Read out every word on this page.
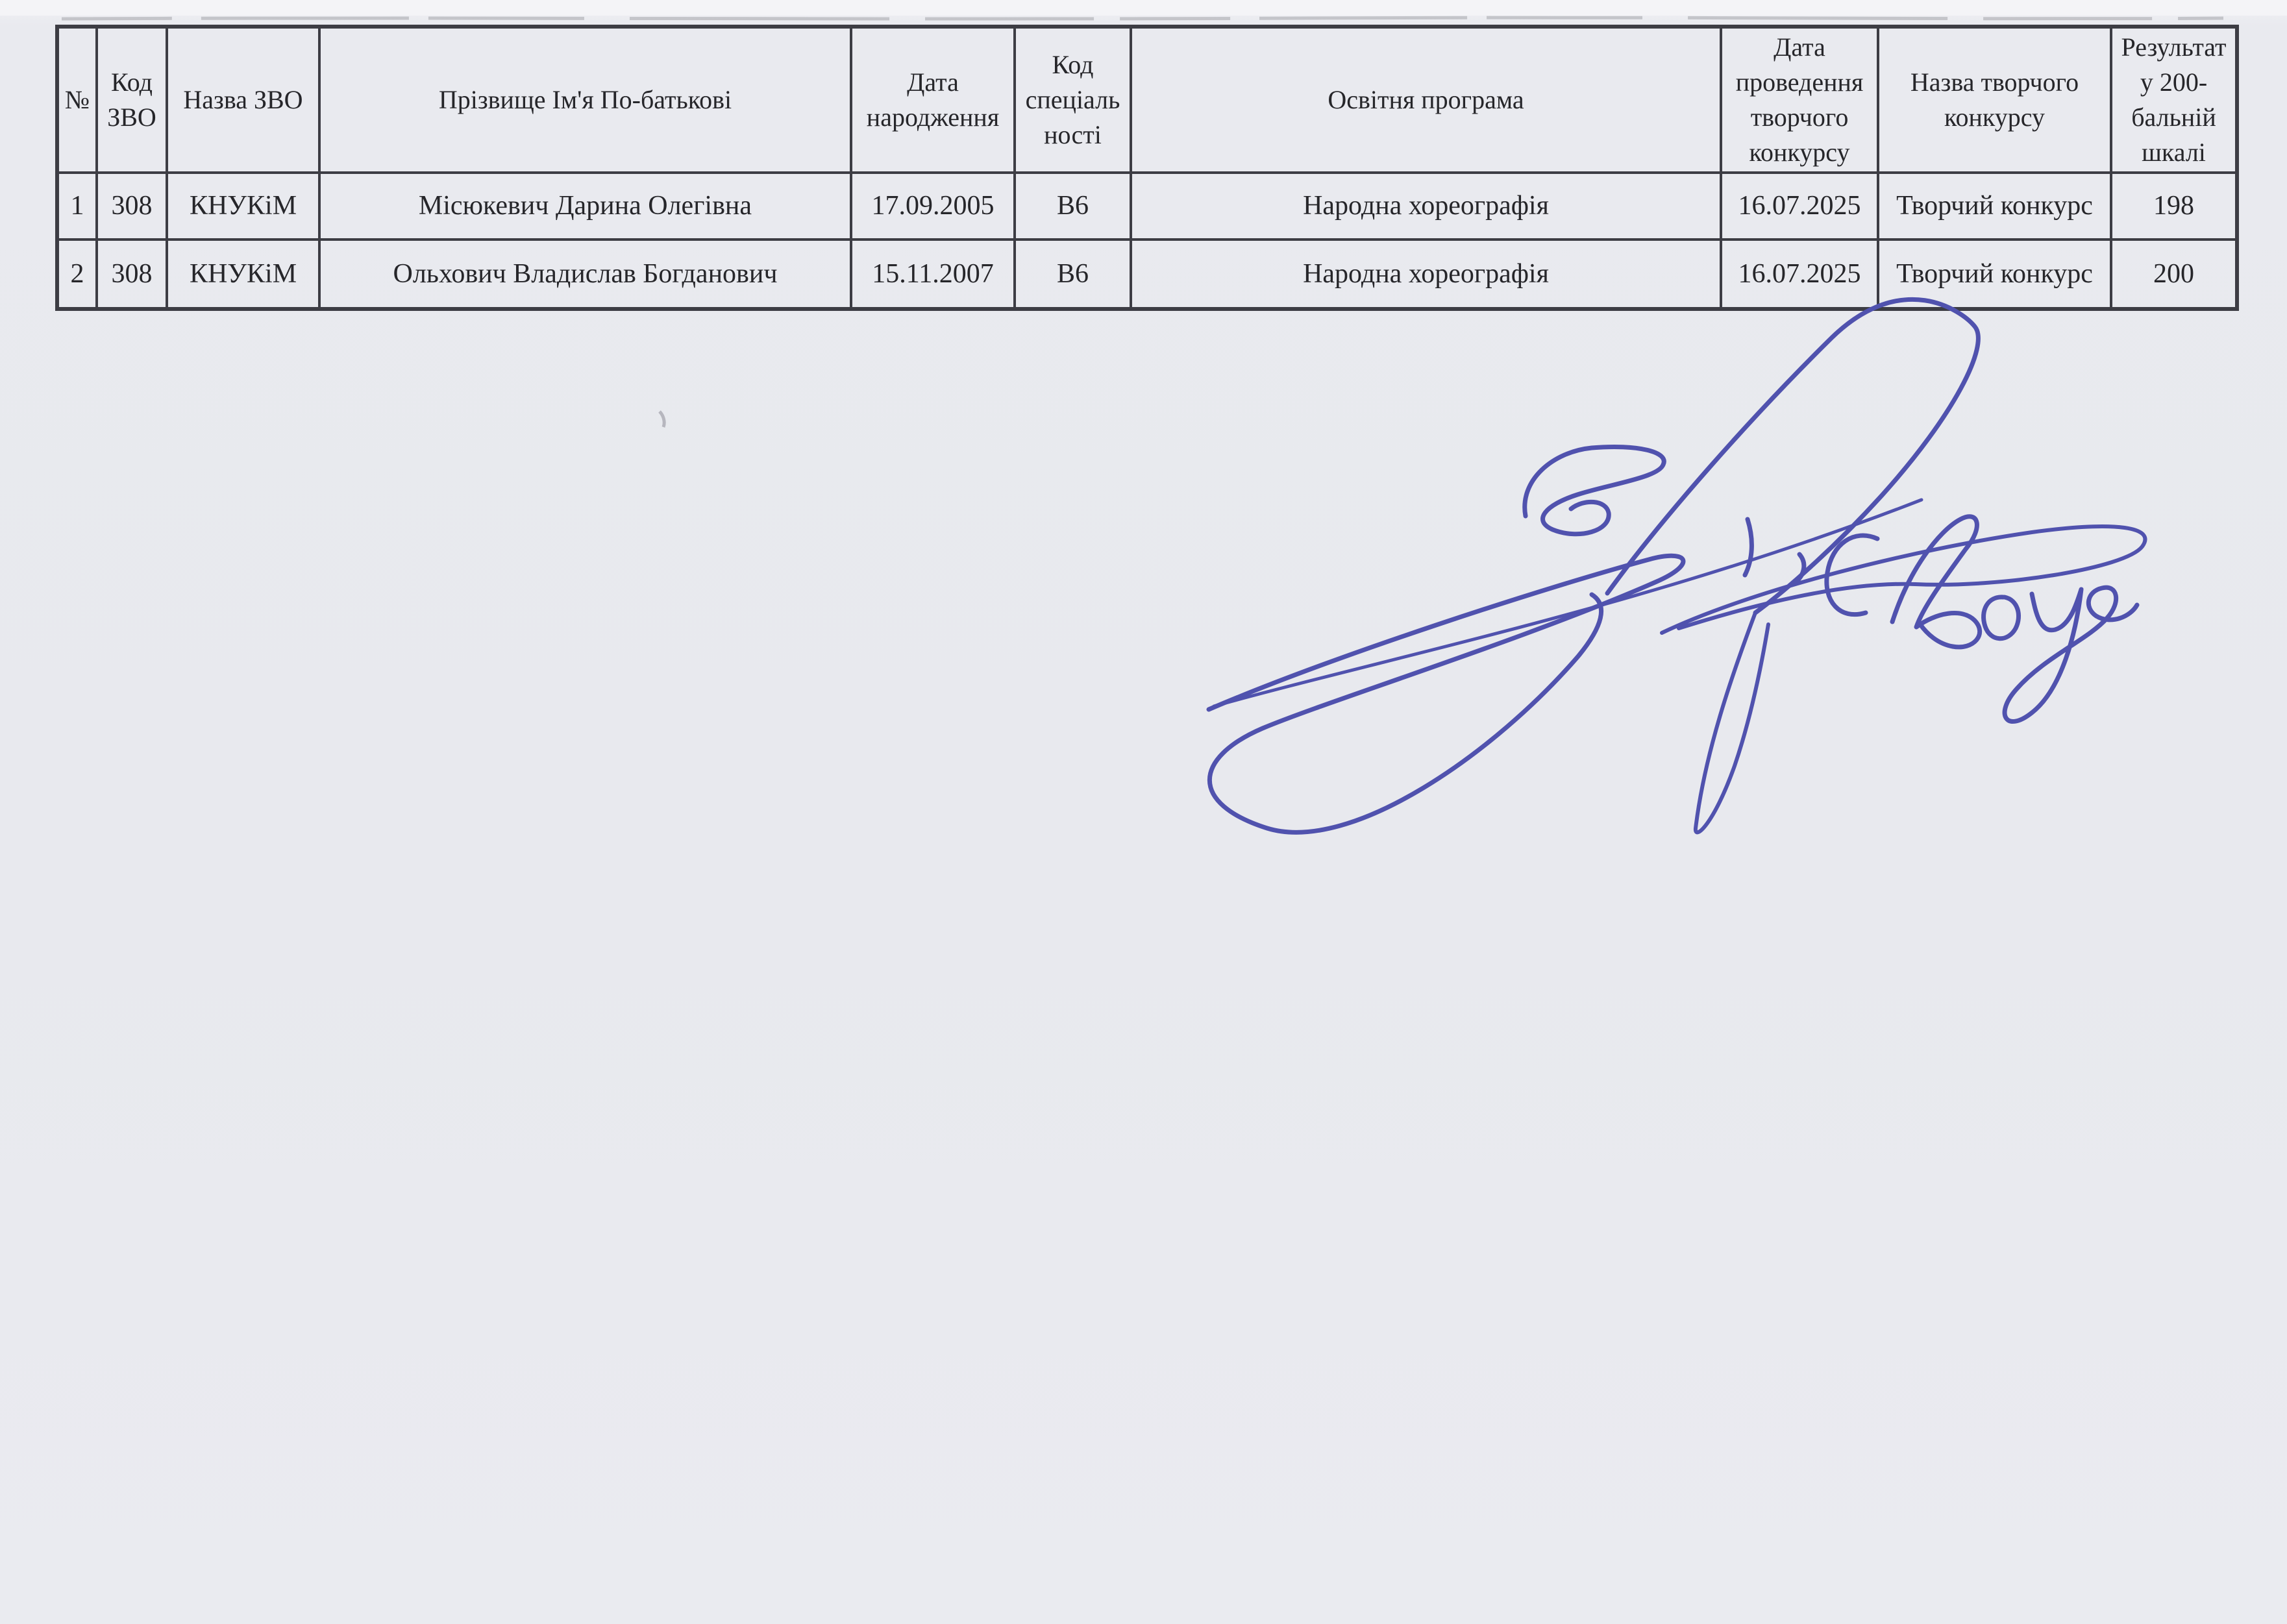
№	Код ЗВО	Назва ЗВО	Прізвище Ім'я По-батькові	Дата народження	Код спеціаль ності	Освітня програма	Дата проведення творчого конкурсу	Назва творчого конкурсу	Результат у 200- бальній шкалі
1	308	КНУКіМ	Місюкевич Дарина Олегівна	17.09.2005	В6	Народна хореографія	16.07.2025	Творчий конкурс	198
2	308	КНУКіМ	Ольхович Владислав Богданович	15.11.2007	В6	Народна хореографія	16.07.2025	Творчий конкурс	200
